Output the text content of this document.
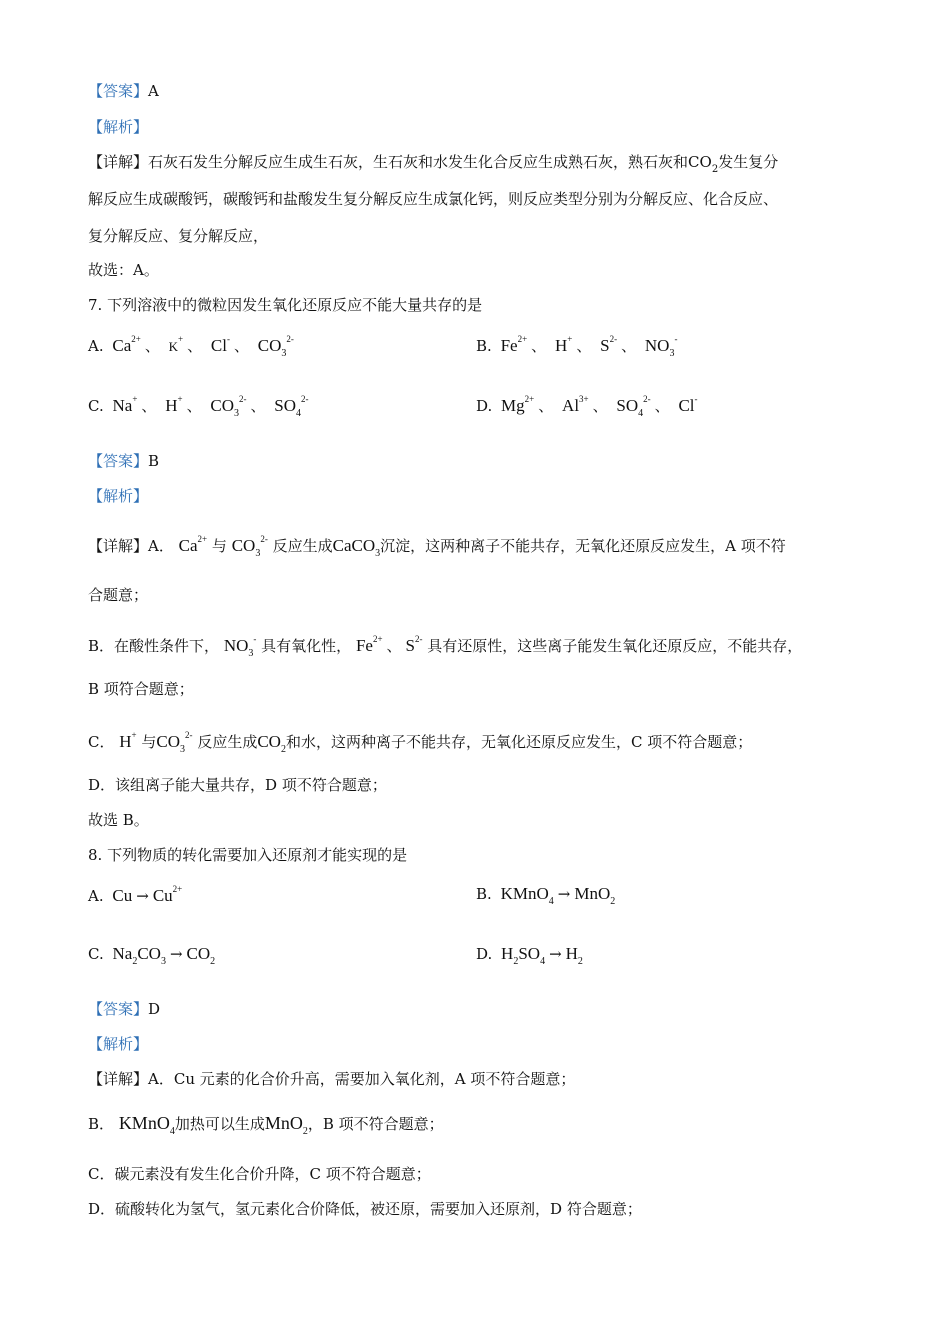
【答案】A
【解析】
【详解】石灰石发生分解反应生成生石灰，生石灰和水发生化合反应生成熟石灰，熟石灰和$CO_2$发生复分
解反应生成碳酸钙，碳酸钙和盐酸发生复分解反应生成氯化钙，则反应类型分别为分解反应、化合反应、
复分解反应、复分解反应，
故选：A。
7. 下列溶液中的微粒因发生氧化还原反应不能大量共存的是
A. $Ca^{2+}$ 、 K+ 、 Cl- 、 $CO_3^{2-}$	B. $Fe^{2+}$ 、 H+ 、 $S^{2-}$ 、 $NO_3^-$
C. Na+ 、 H+ 、 $CO_3^{2-}$ 、 $SO_4^{2-}$	D. $Mg^{2+}$ 、 $Al^{3+}$ 、 $SO_4^{2-}$ 、 Cl-
【答案】B
【解析】
【详解】A． $Ca^{2+}$ 与 $CO_3^{2-}$ 反应生成CaCO$_3$沉淀，这两种离子不能共存，无氧化还原反应发生，A 项不符
合题意；
B．在酸性条件下， $NO_3^-$ 具有氧化性， $Fe^{2+}$ 、 $S^{2-}$ 具有还原性，这些离子能发生氧化还原反应，不能共存，
B 项符合题意；
C． H+ 与$CO_3^{2-}$ 反应生成$CO_2$和水，这两种离子不能共存，无氧化还原反应发生，C 项不符合题意；
D．该组离子能大量共存，D 项不符合题意；
故选 B。
8. 下列物质的转化需要加入还原剂才能实现的是
A. $Cu \to Cu^{2+}$	B. KMnO$_4$ → MnO$_2$
C. $Na_2CO_3 \to CO_2$	D. $H_2SO_4 \to H_2$
【答案】D
【解析】
【详解】A．Cu 元素的化合价升高，需要加入氧化剂，A 项不符合题意；
B． KMnO$_4$加热可以生成MnO$_2$，B 项不符合题意；
C．碳元素没有发生化合价升降，C 项不符合题意；
D．硫酸转化为氢气，氢元素化合价降低，被还原，需要加入还原剂，D 符合题意；
